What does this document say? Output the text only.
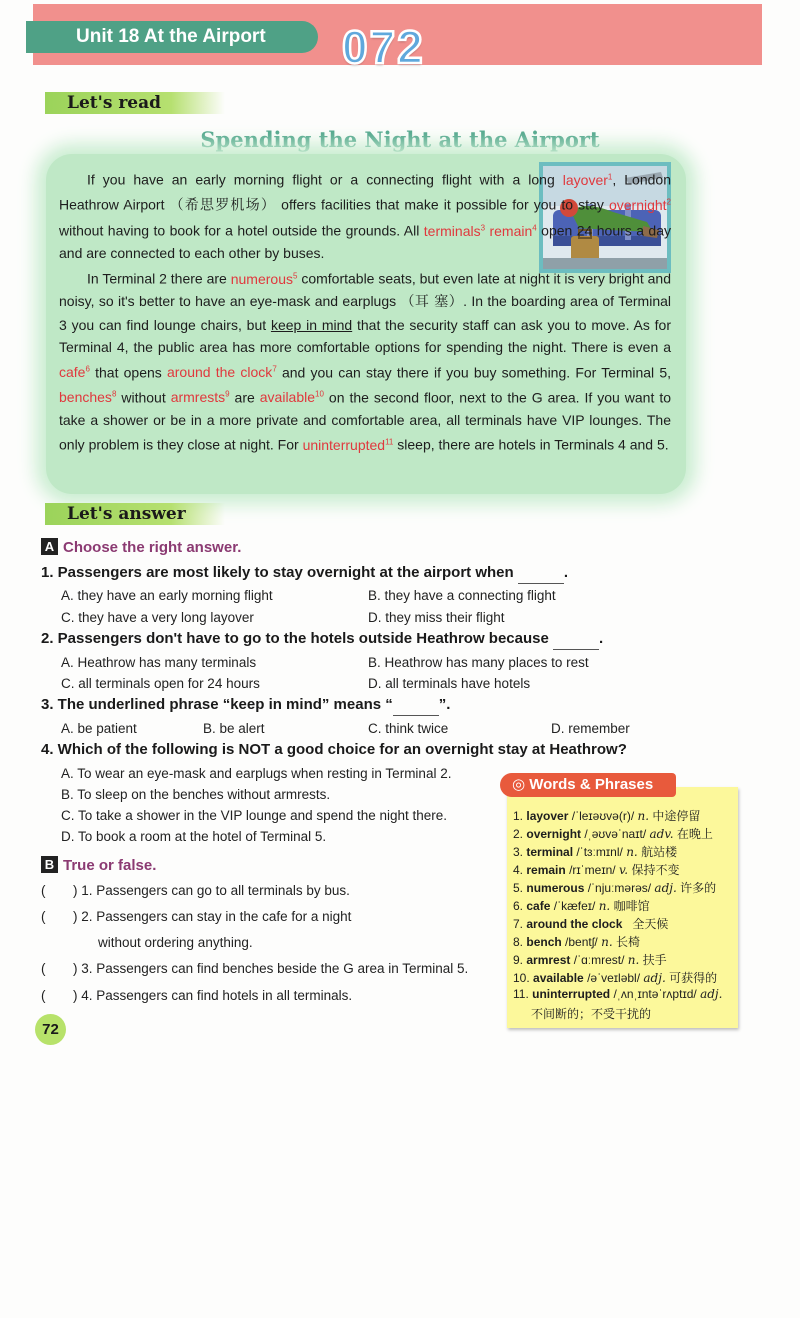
Unit 18 At the Airport	072
Let's read
Spending the Night at the Airport

If you have an early morning flight or a connecting flight with a long layover$^1$, London Heathrow Airport （希思罗机场） offers facilities that make it possible for you to stay overnight$^2$ without having to book for a hotel outside the grounds. All terminals$^3$ remain$^4$ open 24 hours a day and are connected to each other by buses.

In Terminal 2 there are numerous$^5$ comfortable seats, but even late at night it is very bright and noisy, so it's better to have an eye-mask and earplugs （耳 塞）. In the boarding area of Terminal 3 you can find lounge chairs, but keep in mind that the security staff can ask you to move. As for Terminal 4, the public area has more comfortable options for spending the night. There is even a cafe$^6$ that opens around the clock$^7$ and you can stay there if you buy something. For Terminal 5, benches$^8$ without armrests$^9$ are available$^{10}$ on the second floor, next to the G area. If you want to take a shower or be in a more private and comfortable area, all terminals have VIP lounges. The only problem is they close at night. For uninterrupted$^{11}$ sleep, there are hotels in Terminals 4 and 5.

Let's answer
A Choose the right answer.
1. Passengers are most likely to stay overnight at the airport when	.
A. they have an early morning flight	B. they have a connecting flight
C. they have a very long layover	D. they miss their flight
2. Passengers don't have to go to the hotels outside Heathrow because	.
A. Heathrow has many terminals	B. Heathrow has many places to rest
C. all terminals open for 24 hours	D. all terminals have hotels
3. The underlined phrase “keep in mind” means “	”.
A. be patient	B. be alert	C. think twice	D. remember
4. Which of the following is NOT a good choice for an overnight stay at Heathrow?
A. To wear an eye-mask and earplugs when resting in Terminal 2.
B. To sleep on the benches without armrests.
C. To take a shower in the VIP lounge and spend the night there.
D. To book a room at the hotel of Terminal 5.
B True or false.
( ) 1. Passengers can go to all terminals by bus.
( ) 2. Passengers can stay in the cafe for a night
without ordering anything.
( ) 3. Passengers can find benches beside the G area in Terminal 5.
( ) 4. Passengers can find hotels in all terminals.
◎ Words & Phrases
1. layover /ˈleɪəʊvə(r)/ n. 中途停留
2. overnight /ˌəʊvəˈnaɪt/ adv. 在晚上
3. terminal /ˈtɜːmɪnl/ n. 航站楼
4. remain /rɪˈmeɪn/ v. 保持不变
5. numerous /ˈnjuːmərəs/ adj. 许多的
6. cafe /ˈkæfeɪ/ n. 咖啡馆
7. around the clock 全天候
8. bench /bentʃ/ n. 长椅
9. armrest /ˈɑːmrest/ n. 扶手
10. available /əˈveɪləbl/ adj. 可获得的
11. uninterrupted /ˌʌnˌɪntəˈrʌptɪd/ adj.
不间断的；不受干扰的
72
